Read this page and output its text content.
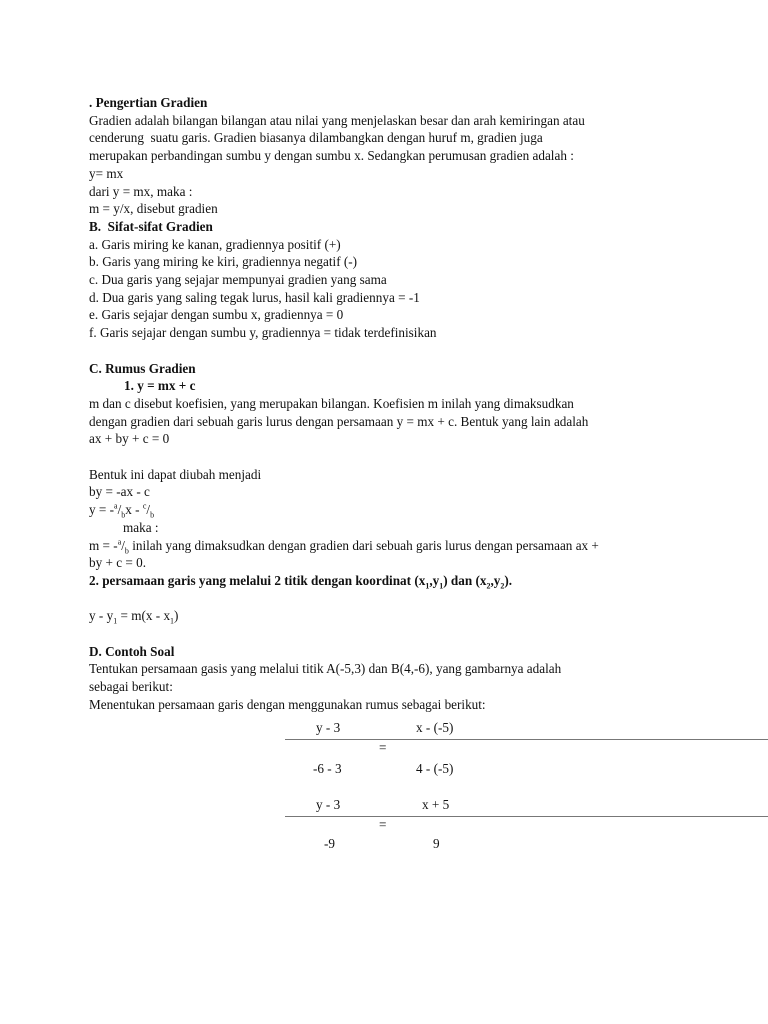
. Pengertian Gradien
Gradien adalah bilangan bilangan atau nilai yang menjelaskan besar dan arah kemiringan atau
cenderung  suatu garis. Gradien biasanya dilambangkan dengan huruf m, gradien juga
merupakan perbandingan sumbu y dengan sumbu x. Sedangkan perumusan gradien adalah :
y= mx
dari y = mx, maka :
m = y/x, disebut gradien
B.  Sifat-sifat Gradien
a. Garis miring ke kanan, gradiennya positif (+)
b. Garis yang miring ke kiri, gradiennya negatif (-)
c. Dua garis yang sejajar mempunyai gradien yang sama
d. Dua garis yang saling tegak lurus, hasil kali gradiennya = -1
e. Garis sejajar dengan sumbu x, gradiennya = 0
f. Garis sejajar dengan sumbu y, gradiennya = tidak terdefinisikan
C. Rumus Gradien
1. y = mx + c
m dan c disebut koefisien, yang merupakan bilangan. Koefisien m inilah yang dimaksudkan
dengan gradien dari sebuah garis lurus dengan persamaan y = mx + c. Bentuk yang lain adalah
ax + by + c = 0
Bentuk ini dapat diubah menjadi
by = -ax - c
$y = -^a/_bx - ^c/_b$
maka :
$m = -^a/_b$ inilah yang dimaksudkan dengan gradien dari sebuah garis lurus dengan persamaan ax +
by + c = 0.
2. persamaan garis yang melalui 2 titik dengan koordinat $(x_1,y_1)$ dan $(x_2,y_2)$.
$y - y_1 = m(x - x_1)$
D. Contoh Soal
Tentukan persamaan gasis yang melalui titik A(-5,3) dan B(4,-6), yang gambarnya adalah
sebagai berikut:
Menentukan persamaan garis dengan menggunakan rumus sebagai berikut:
y - 3	x - (-5)
=
-6 - 3	4 - (-5)
y - 3	x + 5
=
-9	9
